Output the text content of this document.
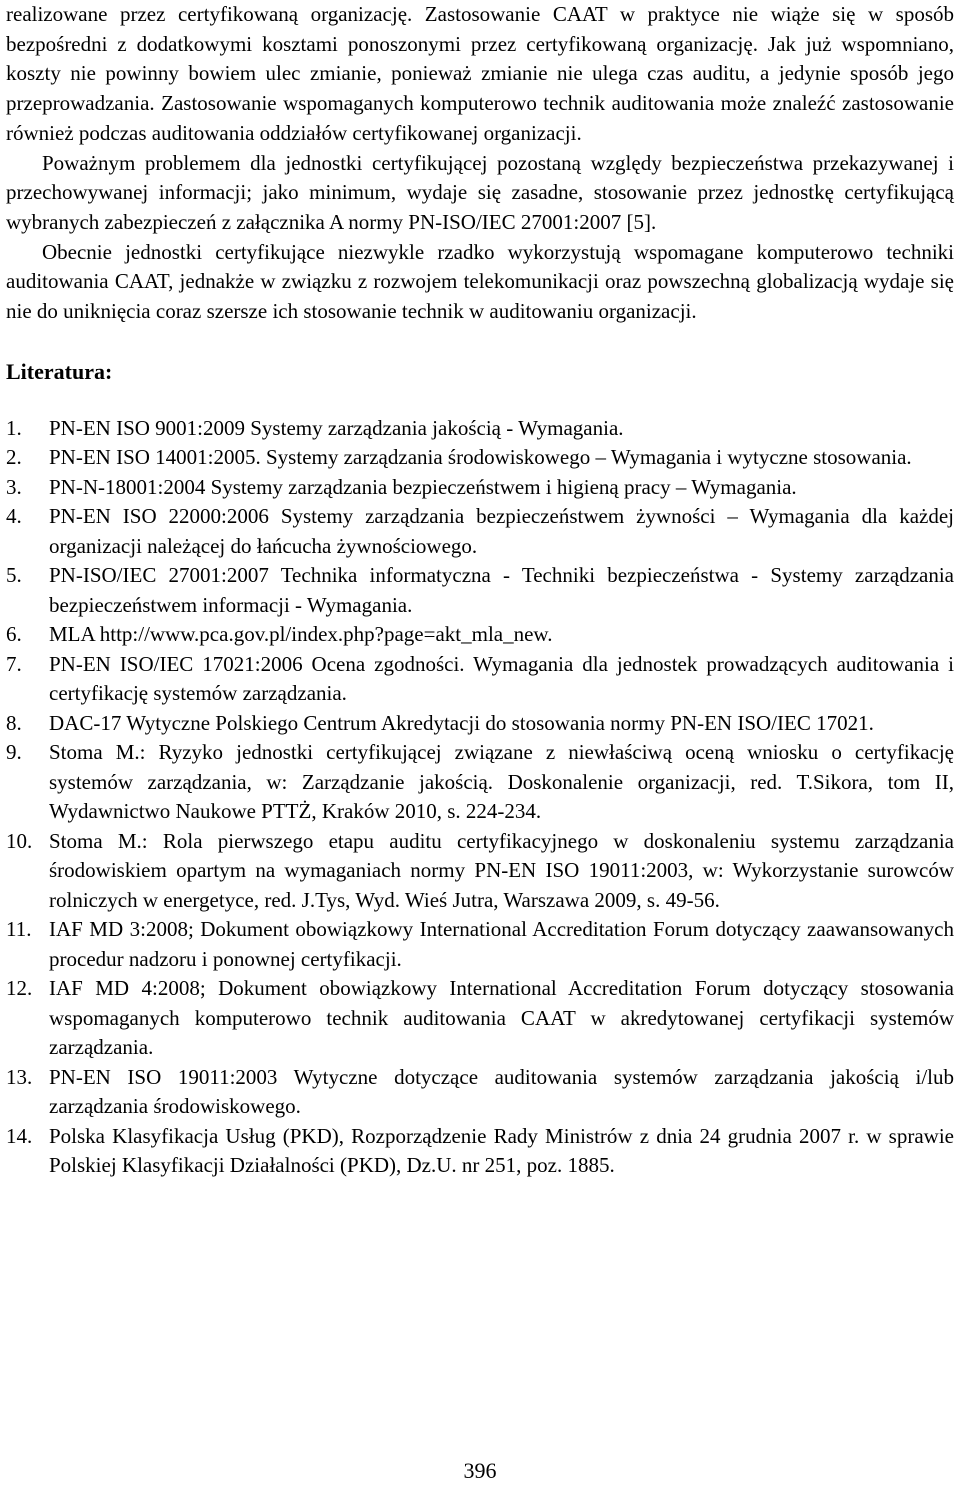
realizowane przez certyfikowaną organizację. Zastosowanie CAAT w praktyce nie wiąże się w sposób bezpośredni z dodatkowymi kosztami ponoszonymi przez certyfikowaną organizację. Jak już wspomniano, koszty nie powinny bowiem ulec zmianie, ponieważ zmianie nie ulega czas auditu, a jedynie sposób jego przeprowadzania. Zastosowanie wspomaganych komputerowo technik auditowania może znaleźć zastosowanie również podczas auditowania oddziałów certyfikowanej organizacji.

Poważnym problemem dla jednostki certyfikującej pozostaną względy bezpieczeństwa przekazywanej i przechowywanej informacji; jako minimum, wydaje się zasadne, stosowanie przez jednostkę certyfikującą wybranych zabezpieczeń z załącznika A normy PN-ISO/IEC 27001:2007 [5].

Obecnie jednostki certyfikujące niezwykle rzadko wykorzystują wspomagane komputerowo techniki auditowania CAAT, jednakże w związku z rozwojem telekomunikacji oraz powszechną globalizacją wydaje się nie do uniknięcia coraz szersze ich stosowanie technik w auditowaniu organizacji.

Literatura:
1.	PN-EN ISO 9001:2009 Systemy zarządzania jakością - Wymagania.
2.	PN-EN ISO 14001:2005. Systemy zarządzania środowiskowego – Wymagania i wytyczne stosowania.
3.	PN-N-18001:2004 Systemy zarządzania bezpieczeństwem i higieną pracy – Wymagania.
4.	PN-EN ISO 22000:2006 Systemy zarządzania bezpieczeństwem żywności – Wymagania dla każdej organizacji należącej do łańcucha żywnościowego.
5.	PN-ISO/IEC 27001:2007 Technika informatyczna - Techniki bezpieczeństwa - Systemy zarządzania bezpieczeństwem informacji - Wymagania.
6.	MLA http://www.pca.gov.pl/index.php?page=akt_mla_new.
7.	PN-EN ISO/IEC 17021:2006 Ocena zgodności. Wymagania dla jednostek prowadzących auditowania i certyfikację systemów zarządzania.
8.	DAC-17 Wytyczne Polskiego Centrum Akredytacji do stosowania normy PN-EN ISO/IEC 17021.
9.	Stoma M.: Ryzyko jednostki certyfikującej związane z niewłaściwą oceną wniosku o certyfikację systemów zarządzania, w: Zarządzanie jakością. Doskonalenie organizacji, red. T.Sikora, tom II, Wydawnictwo Naukowe PTTŻ, Kraków 2010, s. 224-234.
10. Stoma M.: Rola pierwszego etapu auditu certyfikacyjnego w doskonaleniu systemu zarządzania środowiskiem opartym na wymaganiach normy PN-EN ISO 19011:2003, w: Wykorzystanie surowców rolniczych w energetyce, red. J.Tys, Wyd. Wieś Jutra, Warszawa 2009, s. 49-56.
11. IAF MD 3:2008; Dokument obowiązkowy International Accreditation Forum dotyczący zaawansowanych procedur nadzoru i ponownej certyfikacji.
12. IAF MD 4:2008; Dokument obowiązkowy International Accreditation Forum dotyczący stosowania wspomaganych komputerowo technik auditowania CAAT w akredytowanej certyfikacji systemów zarządzania.
13. PN-EN ISO 19011:2003 Wytyczne dotyczące auditowania systemów zarządzania jakością i/lub zarządzania środowiskowego.
14. Polska Klasyfikacja Usług (PKD), Rozporządzenie Rady Ministrów z dnia 24 grudnia 2007 r. w sprawie Polskiej Klasyfikacji Działalności (PKD), Dz.U. nr 251, poz. 1885.
396
